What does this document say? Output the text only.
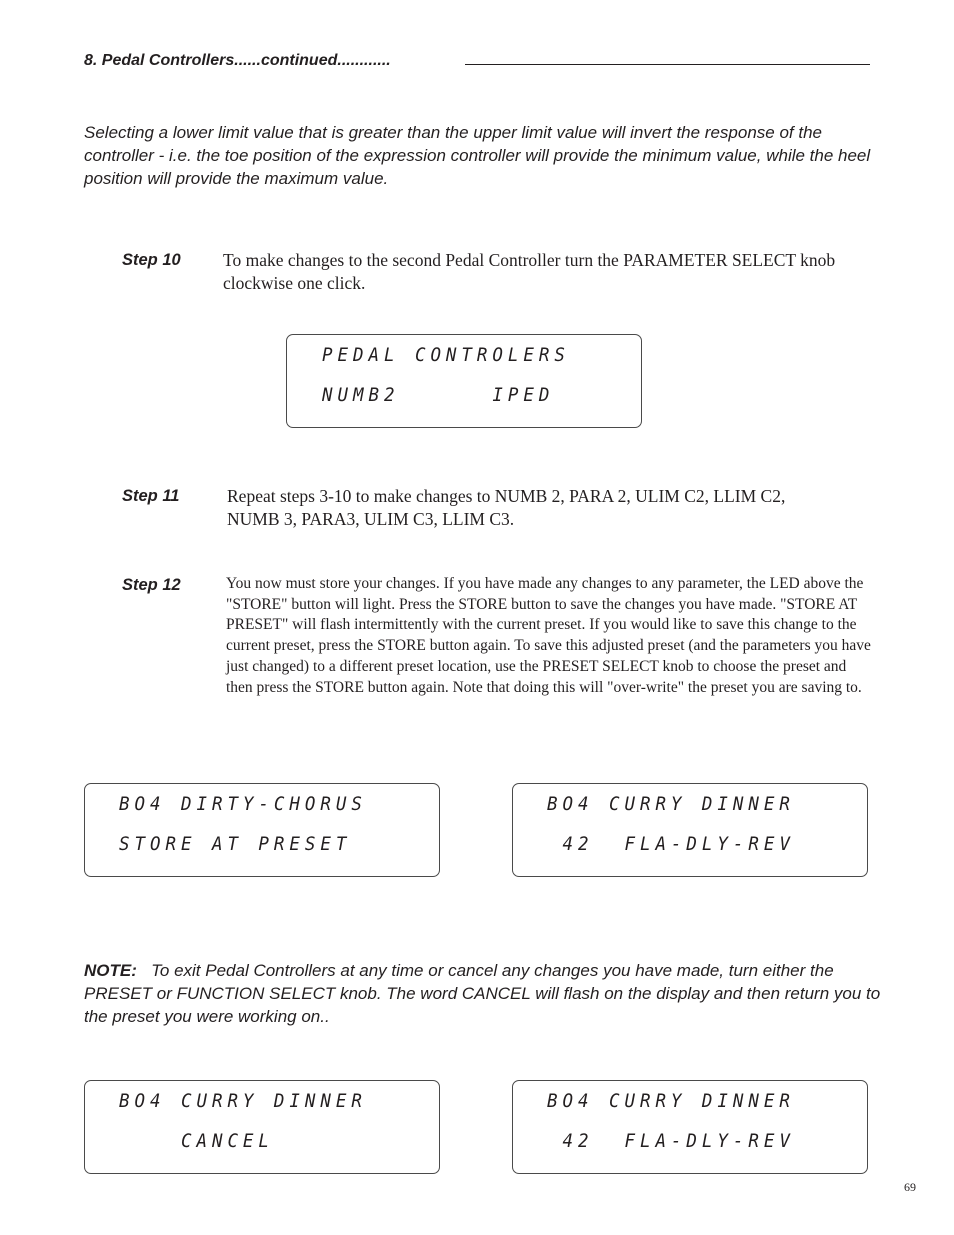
8. Pedal Controllers......continued............
Selecting a lower limit value that is greater than the upper limit value will invert the response of the controller - i.e. the toe position of the expression controller will provide the minimum value, while the heel position will provide the maximum value.
Step 10 To make changes to the second Pedal Controller turn the PARAMETER SELECT knob clockwise one click.
PEDAL CONTROLERS
NUMB2      IPED
Step 11	Repeat steps 3-10 to make changes to NUMB 2, PARA 2, ULIM C2, LLIM C2, NUMB 3, PARA3, ULIM C3, LLIM C3.
Step 12	You now must store your changes. If you have made any changes to any parameter, the LED above the "STORE" button will light. Press the STORE button to save the changes you have made. "STORE AT PRESET" will flash intermittently with the current preset. If you would like to save this change to the current preset, press the STORE button again. To save this adjusted preset (and the parameters you have just changed) to a different preset location, use the PRESET SELECT knob to choose the preset and then press the STORE button again. Note that doing this will "over-write" the preset you are saving to.
BO4 DIRTY-CHORUS
STORE AT PRESET
BO4 CURRY DINNER
42  FLA-DLY-REV
NOTE: To exit Pedal Controllers at any time or cancel any changes you have made, turn either the PRESET or FUNCTION SELECT knob. The word CANCEL will flash on the display and then return you to the preset you were working on..
BO4 CURRY DINNER
CANCEL
BO4 CURRY DINNER
42  FLA-DLY-REV
69
